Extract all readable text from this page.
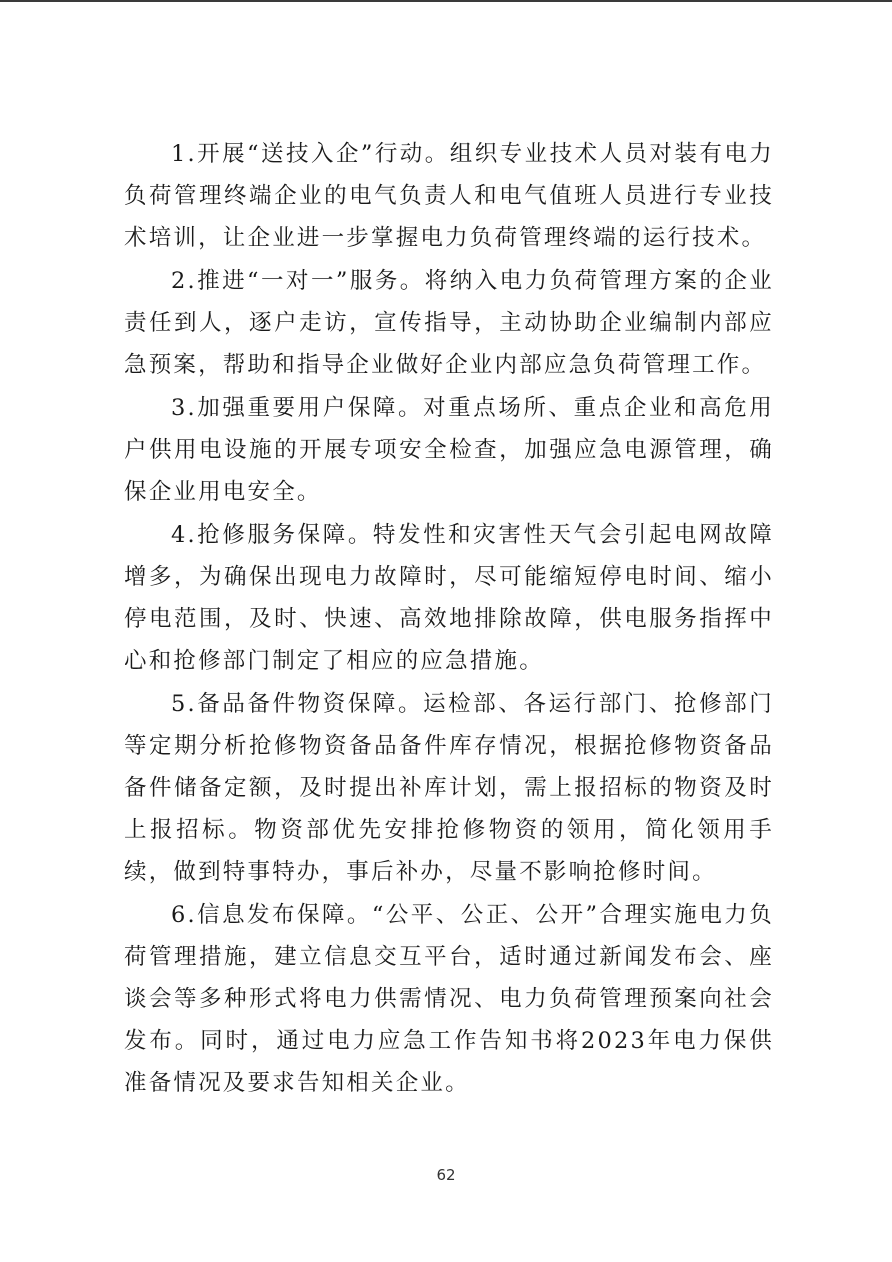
1.开展“送技入企”行动。组织专业技术人员对装有电力负荷管理终端企业的电气负责人和电气值班人员进行专业技术培训，让企业进一步掌握电力负荷管理终端的运行技术。

2.推进“一对一”服务。将纳入电力负荷管理方案的企业责任到人，逐户走访，宣传指导，主动协助企业编制内部应急预案，帮助和指导企业做好企业内部应急负荷管理工作。

3.加强重要用户保障。对重点场所、重点企业和高危用户供用电设施的开展专项安全检查，加强应急电源管理，确保企业用电安全。

4.抢修服务保障。特发性和灾害性天气会引起电网故障增多，为确保出现电力故障时，尽可能缩短停电时间、缩小停电范围，及时、快速、高效地排除故障，供电服务指挥中心和抢修部门制定了相应的应急措施。

5.备品备件物资保障。运检部、各运行部门、抢修部门等定期分析抢修物资备品备件库存情况，根据抢修物资备品备件储备定额，及时提出补库计划，需上报招标的物资及时上报招标。物资部优先安排抢修物资的领用，简化领用手续，做到特事特办，事后补办，尽量不影响抢修时间。

6.信息发布保障。“公平、公正、公开”合理实施电力负荷管理措施，建立信息交互平台，适时通过新闻发布会、座谈会等多种形式将电力供需情况、电力负荷管理预案向社会发布。同时，通过电力应急工作告知书将2023年电力保供准备情况及要求告知相关企业。

62
